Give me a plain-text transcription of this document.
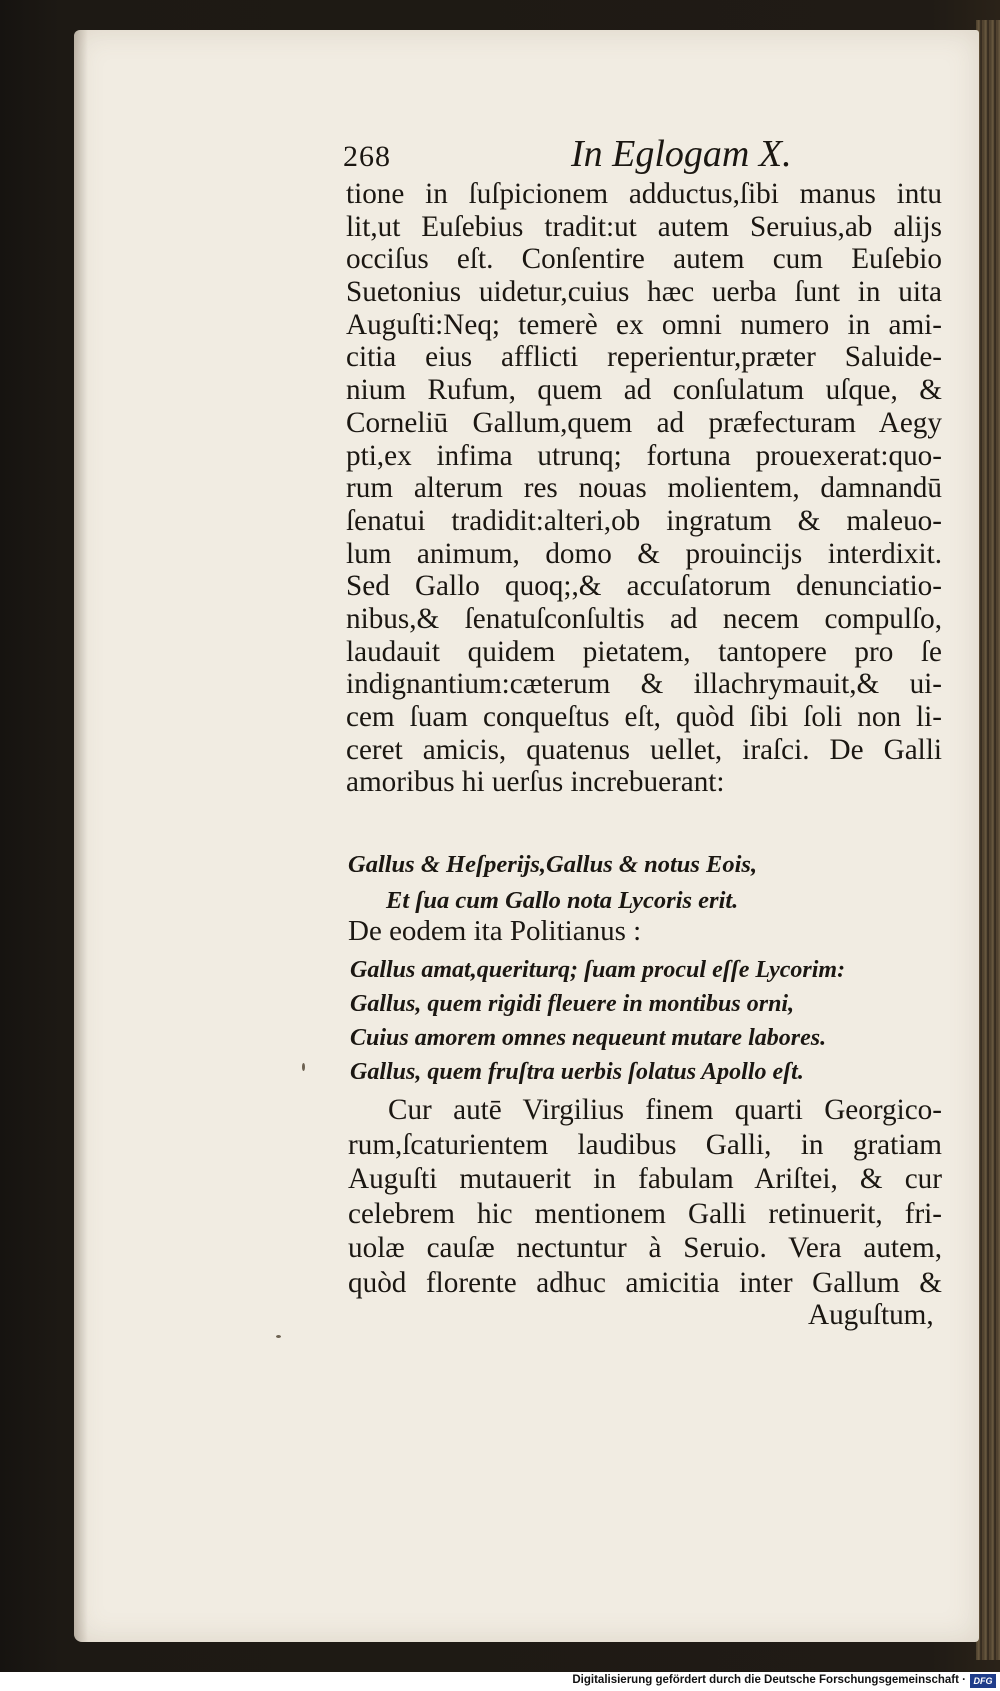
268	In Eglogam X.
tione in ſuſpicionem adductus,ſibi manus intu
lit,ut Euſebius tradit:ut autem Seruius,ab alijs
occiſus eſt. Conſentire autem cum Euſebio
Suetonius uidetur,cuius hæc uerba ſunt in uita
Auguſti:Neq; temerè ex omni numero in ami-
citia eius afflicti reperientur,præter Saluide-
nium Rufum, quem ad conſulatum uſque, &
Corneliū Gallum,quem ad præfecturam Aegy
pti,ex infima utrunq; fortuna prouexerat:quo-
rum alterum res nouas molientem, damnandū
ſenatui tradidit:alteri,ob ingratum & maleuo-
lum animum, domo & prouincijs interdixit.
Sed Gallo quoq;,& accuſatorum denunciatio-
nibus,& ſenatuſconſultis ad necem compulſo,
laudauit quidem pietatem, tantopere pro ſe
indignantium:cæterum & illachrymauit,& ui-
cem ſuam conqueſtus eſt, quòd ſibi ſoli non li-
ceret amicis, quatenus uellet, iraſci. De Galli
amoribus hi uerſus increbuerant:
Gallus & Heſperijs,Gallus & notus Eois,
Et ſua cum Gallo nota Lycoris erit.
De eodem ita Politianus :
Gallus amat,queriturq; ſuam procul eſſe Lycorim:
Gallus, quem rigidi fleuere in montibus orni,
Cuius amorem omnes nequeunt mutare labores.
Gallus, quem fruſtra uerbis ſolatus Apollo eſt.
Cur autē Virgilius finem quarti Georgico-
rum,ſcaturientem laudibus Galli, in gratiam
Auguſti mutauerit in fabulam Ariſtei, & cur
celebrem hic mentionem Galli retinuerit, fri-
uolæ cauſæ nectuntur à Seruio. Vera autem,
quòd florente adhuc amicitia inter Gallum &
Auguſtum,
Digitalisierung gefördert durch die Deutsche Forschungsgemeinschaft · DFG
